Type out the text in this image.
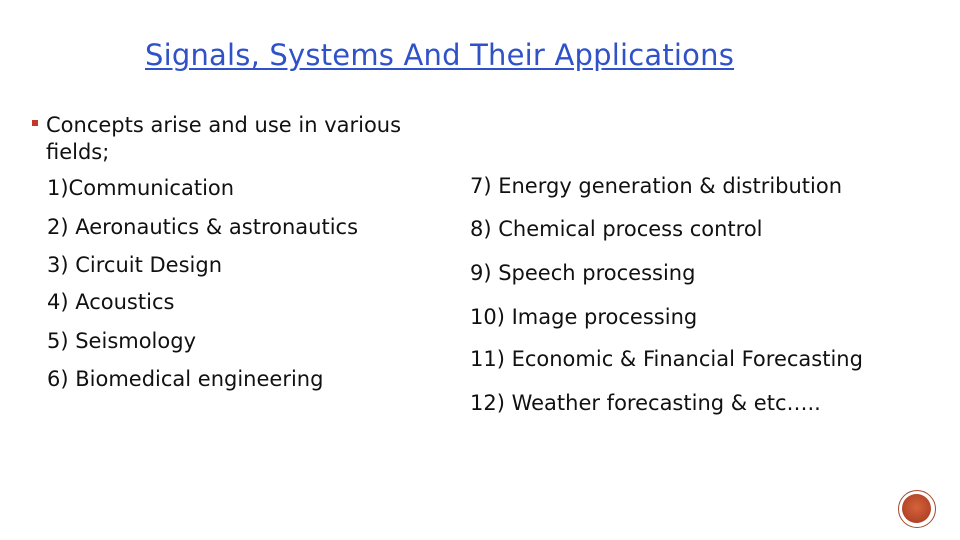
Signals, Systems And Their Applications
Concepts arise and use in various fields;
1)Communication
2) Aeronautics & astronautics
3) Circuit Design
4) Acoustics
5) Seismology
6) Biomedical engineering
7) Energy generation & distribution
8) Chemical process control
9) Speech processing
10) Image processing
11) Economic & Financial Forecasting
12) Weather forecasting & etc…..
